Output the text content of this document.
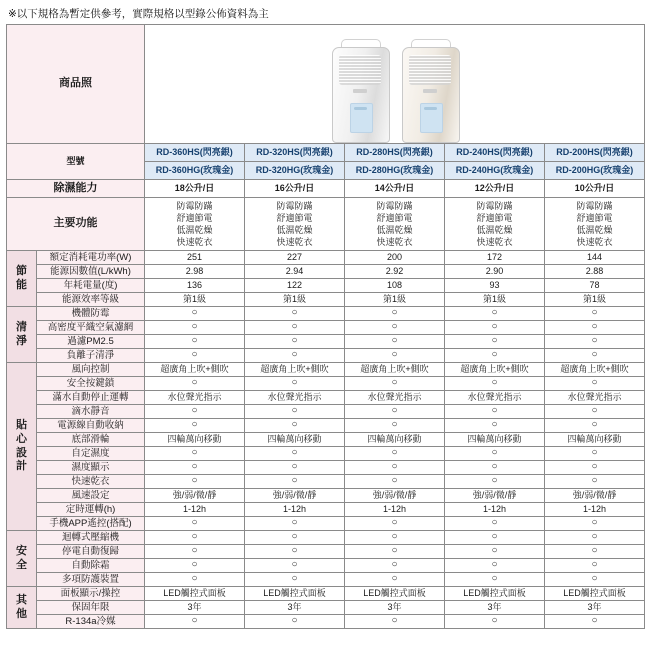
※以下規格為暫定供參考，實際規格以型錄公佈資料為主
商品照						

型號		RD-360HS(閃亮銀)	RD-320HS(閃亮銀)	RD-280HS(閃亮銀)	RD-240HS(閃亮銀)	RD-200HS(閃亮銀)
		RD-360HG(玫瑰金)	RD-320HG(玫瑰金)	RD-280HG(玫瑰金)	RD-240HG(玫瑰金)	RD-200HG(玫瑰金)
除濕能力		18公升/日	16公升/日	14公升/日	12公升/日	10公升/日
主要功能		防霉防蹣
舒適節電
低濕乾燥
快速乾衣	防霉防蹣
舒適節電
低濕乾燥
快速乾衣	防霉防蹣
舒適節電
低濕乾燥
快速乾衣	防霉防蹣
舒適節電
低濕乾燥
快速乾衣	防霉防蹣
舒適節電
低濕乾燥
快速乾衣
節
能	額定消耗電功率(W)	251	227	200	172	144
	能源因數值(L/kWh)	2.98	2.94	2.92	2.90	2.88
	年耗電量(度)	136	122	108	93	78
	能源效率等級	第1級	第1級	第1級	第1級	第1級
清
淨	機體防霉	○	○	○	○	○
	高密度平織空氣濾網	○	○	○	○	○
	過濾PM2.5	○	○	○	○	○
	負離子清淨	○	○	○	○	○
貼
心
設
計	風向控制	超廣角上吹+側吹	超廣角上吹+側吹	超廣角上吹+側吹	超廣角上吹+側吹	超廣角上吹+側吹
	安全按鍵鎖	○	○	○	○	○
	滿水自動停止運轉	水位聲光指示	水位聲光指示	水位聲光指示	水位聲光指示	水位聲光指示
	滴水靜音	○	○	○	○	○
	電源線自動收納	○	○	○	○	○
	底部滑輪	四輪萬向移動	四輪萬向移動	四輪萬向移動	四輪萬向移動	四輪萬向移動
	自定濕度	○	○	○	○	○
	濕度顯示	○	○	○	○	○
	快速乾衣	○	○	○	○	○
	風速設定	強/弱/微/靜	強/弱/微/靜	強/弱/微/靜	強/弱/微/靜	強/弱/微/靜
	定時運轉(h)	1-12h	1-12h	1-12h	1-12h	1-12h
	手機APP遙控(搭配)	○	○	○	○	○
安
全	迴轉式壓縮機	○	○	○	○	○
	停電自動復歸	○	○	○	○	○
	自動除霜	○	○	○	○	○
	多項防護裝置	○	○	○	○	○
其
他	面板顯示/操控	LED觸控式面板	LED觸控式面板	LED觸控式面板	LED觸控式面板	LED觸控式面板
	保固年限	3年	3年	3年	3年	3年
	R-134a冷媒	○	○	○	○	○
